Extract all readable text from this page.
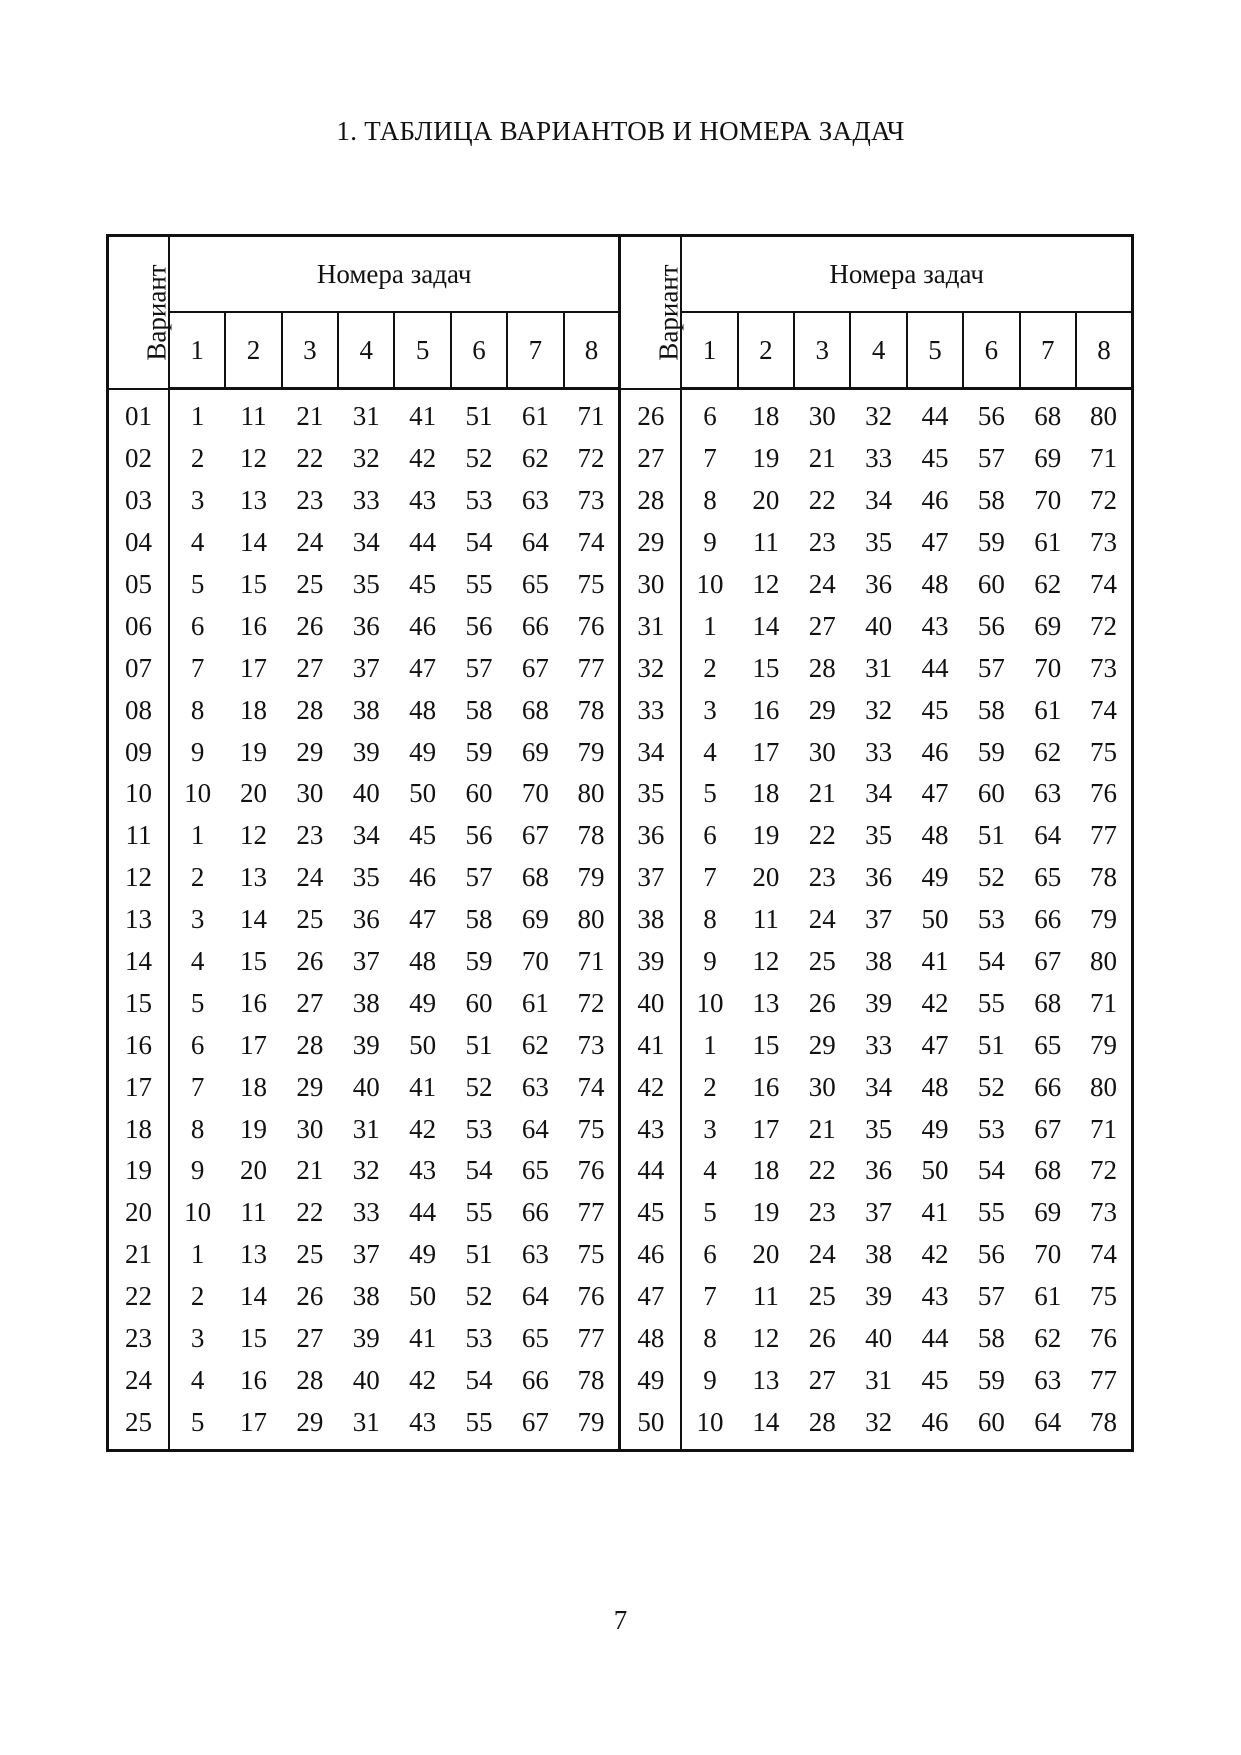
1. ТАБЛИЦА ВАРИАНТОВ И НОМЕРА ЗАДАЧ
Вариант	Номера задач								Вариант	Номера задач							
	1	2	3	4	5	6	7	8		1	2	3	4	5	6	7	8
01	1	11	21	31	41	51	61	71	26	6	18	30	32	44	56	68	80
02	2	12	22	32	42	52	62	72	27	7	19	21	33	45	57	69	71
03	3	13	23	33	43	53	63	73	28	8	20	22	34	46	58	70	72
04	4	14	24	34	44	54	64	74	29	9	11	23	35	47	59	61	73
05	5	15	25	35	45	55	65	75	30	10	12	24	36	48	60	62	74
06	6	16	26	36	46	56	66	76	31	1	14	27	40	43	56	69	72
07	7	17	27	37	47	57	67	77	32	2	15	28	31	44	57	70	73
08	8	18	28	38	48	58	68	78	33	3	16	29	32	45	58	61	74
09	9	19	29	39	49	59	69	79	34	4	17	30	33	46	59	62	75
10	10	20	30	40	50	60	70	80	35	5	18	21	34	47	60	63	76
11	1	12	23	34	45	56	67	78	36	6	19	22	35	48	51	64	77
12	2	13	24	35	46	57	68	79	37	7	20	23	36	49	52	65	78
13	3	14	25	36	47	58	69	80	38	8	11	24	37	50	53	66	79
14	4	15	26	37	48	59	70	71	39	9	12	25	38	41	54	67	80
15	5	16	27	38	49	60	61	72	40	10	13	26	39	42	55	68	71
16	6	17	28	39	50	51	62	73	41	1	15	29	33	47	51	65	79
17	7	18	29	40	41	52	63	74	42	2	16	30	34	48	52	66	80
18	8	19	30	31	42	53	64	75	43	3	17	21	35	49	53	67	71
19	9	20	21	32	43	54	65	76	44	4	18	22	36	50	54	68	72
20	10	11	22	33	44	55	66	77	45	5	19	23	37	41	55	69	73
21	1	13	25	37	49	51	63	75	46	6	20	24	38	42	56	70	74
22	2	14	26	38	50	52	64	76	47	7	11	25	39	43	57	61	75
23	3	15	27	39	41	53	65	77	48	8	12	26	40	44	58	62	76
24	4	16	28	40	42	54	66	78	49	9	13	27	31	45	59	63	77
25	5	17	29	31	43	55	67	79	50	10	14	28	32	46	60	64	78
7
